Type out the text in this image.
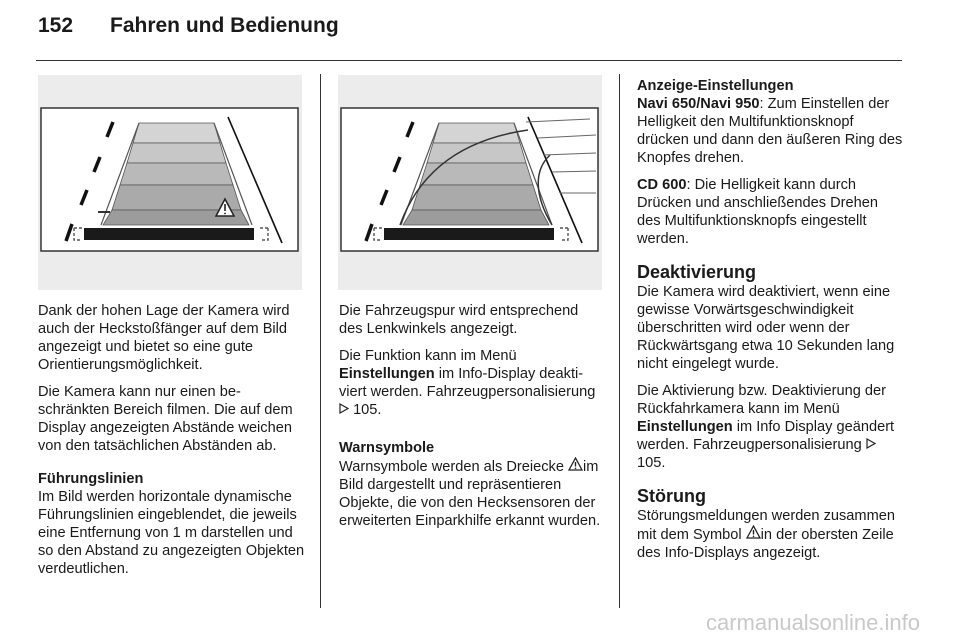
152 Fahren und Bedienung

Dank der hohen Lage der Kamera wird auch der Heckstoßfänger auf dem Bild angezeigt und bietet so eine gute Orientierungsmöglichkeit.

Die Kamera kann nur einen beschränkten Bereich filmen. Die auf dem Display angezeigten Abstände weichen von den tatsächlichen Abständen ab.

Führungslinien

Im Bild werden horizontale dynamische Führungslinien eingeblendet, die jeweils eine Entfernung von 1 m darstellen und so den Abstand zu angezeigten Objekten verdeutlichen.

Die Fahrzeugspur wird entsprechend des Lenkwinkels angezeigt.

Die Funktion kann im Menü Einstellungen im Info-Display deaktiviert werden. Fahrzeugpersonalisierung  105.

Warnsymbole

Warnsymbole werden als Dreiecke im Bild dargestellt und repräsentieren Objekte, die von den Hecksensoren der erweiterten Einparkhilfe erkannt wurden.

Anzeige-Einstellungen

Navi 650/Navi 950: Zum Einstellen der Helligkeit den Multifunktionsknopf drücken und dann den äußeren Ring des Knopfes drehen.

CD 600: Die Helligkeit kann durch Drücken und anschließendes Drehen des Multifunktionsknopfs eingestellt werden.

Deaktivierung

Die Kamera wird deaktiviert, wenn eine gewisse Vorwärtsgeschwindigkeit überschritten wird oder wenn der Rückwärtsgang etwa 10 Sekunden lang nicht eingelegt wurde.

Die Aktivierung bzw. Deaktivierung der Rückfahrkamera kann im Menü Einstellungen im Info Display geändert werden. Fahrzeugpersonalisierung  105.

Störung

Störungsmeldungen werden zusammen mit dem Symbol in der obersten Zeile des Info-Displays angezeigt.

carmanualsonline.info
